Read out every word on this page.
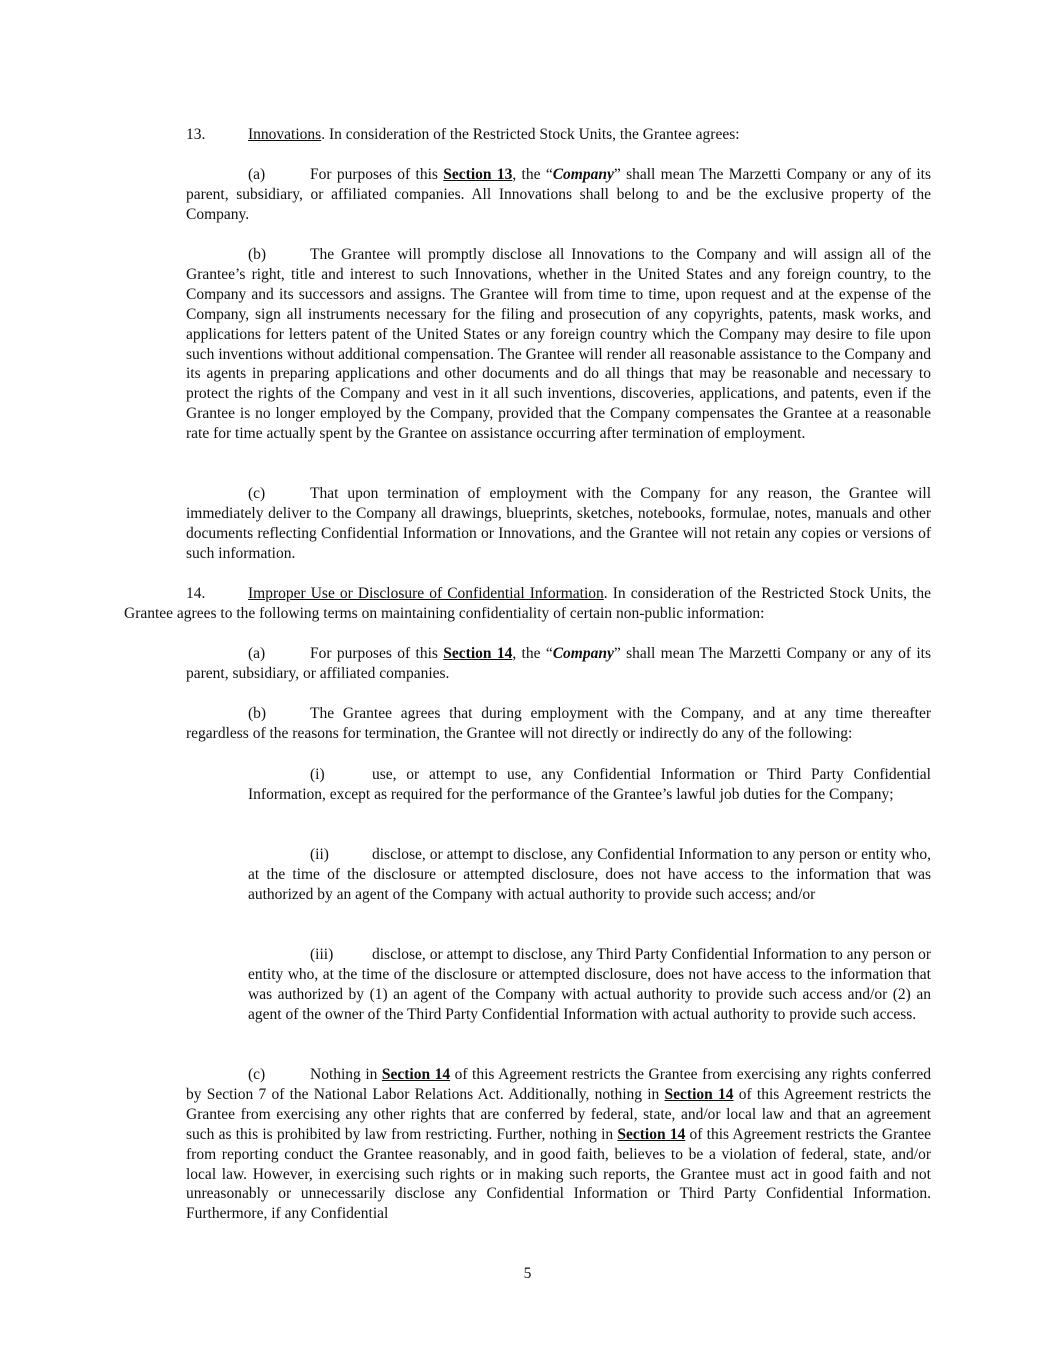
13.	Innovations. In consideration of the Restricted Stock Units, the Grantee agrees:

(a)	For purposes of this Section 13, the “Company” shall mean The Marzetti Company or any of its parent, subsidiary, or affiliated companies. All Innovations shall belong to and be the exclusive property of the Company.

(b)	The Grantee will promptly disclose all Innovations to the Company and will assign all of the Grantee’s right, title and interest to such Innovations, whether in the United States and any foreign country, to the Company and its successors and assigns. The Grantee will from time to time, upon request and at the expense of the Company, sign all instruments necessary for the filing and prosecution of any copyrights, patents, mask works, and applications for letters patent of the United States or any foreign country which the Company may desire to file upon such inventions without additional compensation. The Grantee will render all reasonable assistance to the Company and its agents in preparing applications and other documents and do all things that may be reasonable and necessary to protect the rights of the Company and vest in it all such inventions, discoveries, applications, and patents, even if the Grantee is no longer employed by the Company, provided that the Company compensates the Grantee at a reasonable rate for time actually spent by the Grantee on assistance occurring after termination of employment.

(c)	That upon termination of employment with the Company for any reason, the Grantee will immediately deliver to the Company all drawings, blueprints, sketches, notebooks, formulae, notes, manuals and other documents reflecting Confidential Information or Innovations, and the Grantee will not retain any copies or versions of such information.

14.	Improper Use or Disclosure of Confidential Information. In consideration of the Restricted Stock Units, the Grantee agrees to the following terms on maintaining confidentiality of certain non-public information:

(a)	For purposes of this Section 14, the “Company” shall mean The Marzetti Company or any of its parent, subsidiary, or affiliated companies.

(b)	The Grantee agrees that during employment with the Company, and at any time thereafter regardless of the reasons for termination, the Grantee will not directly or indirectly do any of the following:

(i)	use, or attempt to use, any Confidential Information or Third Party Confidential Information, except as required for the performance of the Grantee’s lawful job duties for the Company;

(ii)	disclose, or attempt to disclose, any Confidential Information to any person or entity who, at the time of the disclosure or attempted disclosure, does not have access to the information that was authorized by an agent of the Company with actual authority to provide such access; and/or

(iii)	disclose, or attempt to disclose, any Third Party Confidential Information to any person or entity who, at the time of the disclosure or attempted disclosure, does not have access to the information that was authorized by (1) an agent of the Company with actual authority to provide such access and/or (2) an agent of the owner of the Third Party Confidential Information with actual authority to provide such access.

(c)	Nothing in Section 14 of this Agreement restricts the Grantee from exercising any rights conferred by Section 7 of the National Labor Relations Act. Additionally, nothing in Section 14 of this Agreement restricts the Grantee from exercising any other rights that are conferred by federal, state, and/or local law and that an agreement such as this is prohibited by law from restricting. Further, nothing in Section 14 of this Agreement restricts the Grantee from reporting conduct the Grantee reasonably, and in good faith, believes to be a violation of federal, state, and/or local law. However, in exercising such rights or in making such reports, the Grantee must act in good faith and not unreasonably or unnecessarily disclose any Confidential Information or Third Party Confidential Information. Furthermore, if any Confidential

5
